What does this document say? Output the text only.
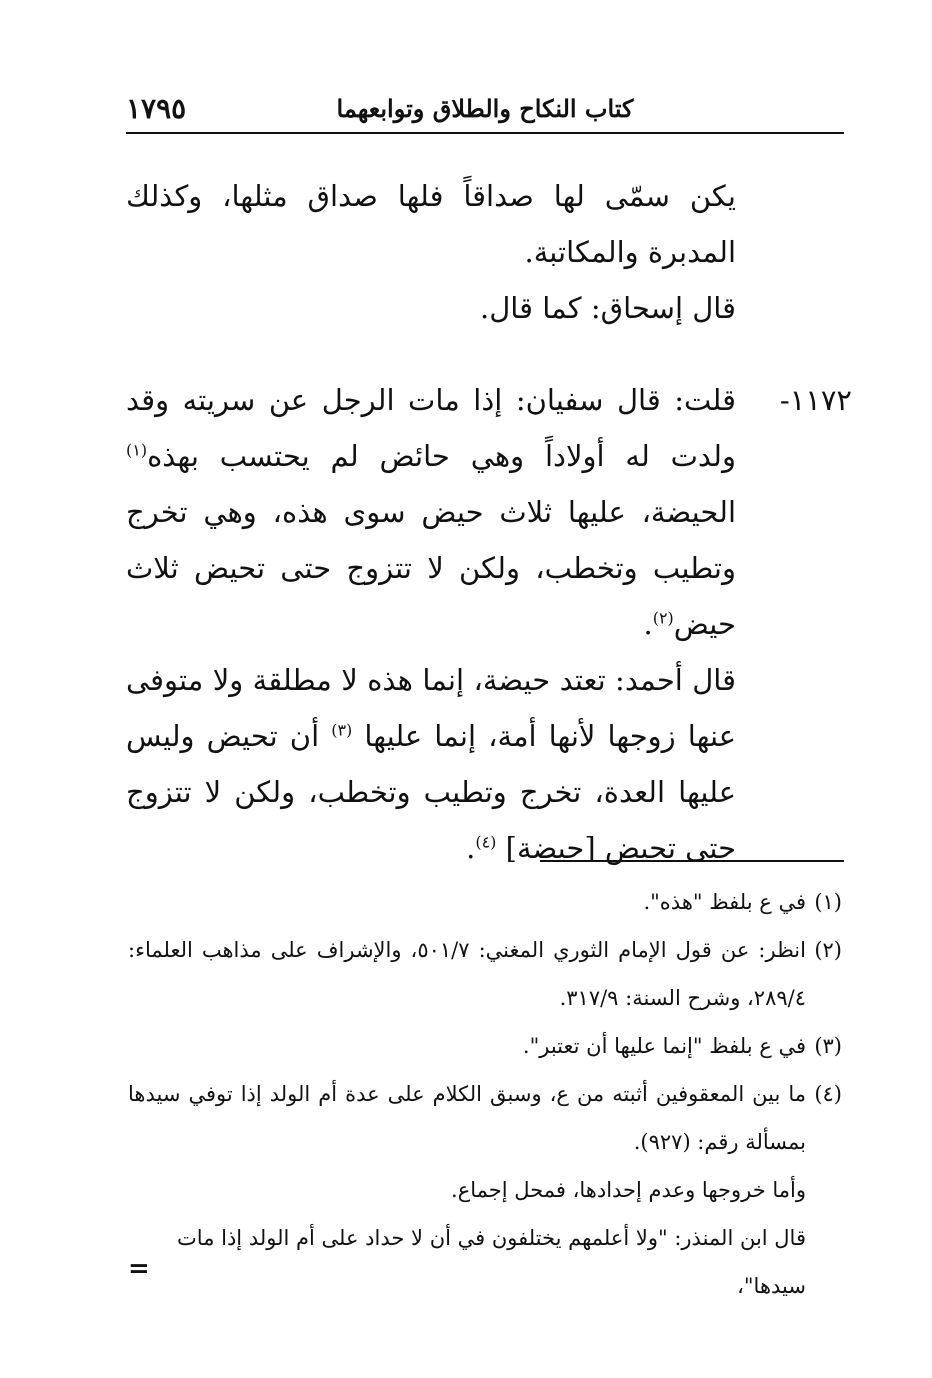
كتاب النكاح والطلاق وتوابعهما
١٧٩٥

يكن سمّى لها صداقاً فلها صداق مثلها، وكذلك المدبرة والمكاتبة.

قال إسحاق: كما قال.

١١٧٢-

قلت: قال سفيان: إذا مات الرجل عن سريته وقد ولدت له أولاداً وهي حائض لم يحتسب بهذه$^{(١)}$ الحيضة، عليها ثلاث حيض سوى هذه، وهي تخرج وتطيب وتخطب، ولكن لا تتزوج حتى تحيض ثلاث حيض$^{(٢)}$.

قال أحمد: تعتد حيضة، إنما هذه لا مطلقة ولا متوفى عنها زوجها لأنها أمة، إنما عليها $^{(٣)}$ أن تحيض وليس عليها العدة، تخرج وتطيب وتخطب، ولكن لا تتزوج حتى تحيض [حيضة] $^{(٤)}$.

(١)
في ع بلفظ "هذه".

(٢)
انظر: عن قول الإمام الثوري المغني: ٥٠١/٧، والإشراف على مذاهب العلماء: ٢٨٩/٤، وشرح السنة: ٣١٧/٩.

(٣)
في ع بلفظ "إنما عليها أن تعتبر".

(٤)
ما بين المعقوفين أثبته من ع، وسبق الكلام على عدة أم الولد إذا توفي سيدها بمسألة رقم: (٩٢٧).

وأما خروجها وعدم إحدادها، فمحل إجماع.

قال ابن المنذر: "ولا أعلمهم يختلفون في أن لا حداد على أم الولد إذا مات سيدها"،

=
